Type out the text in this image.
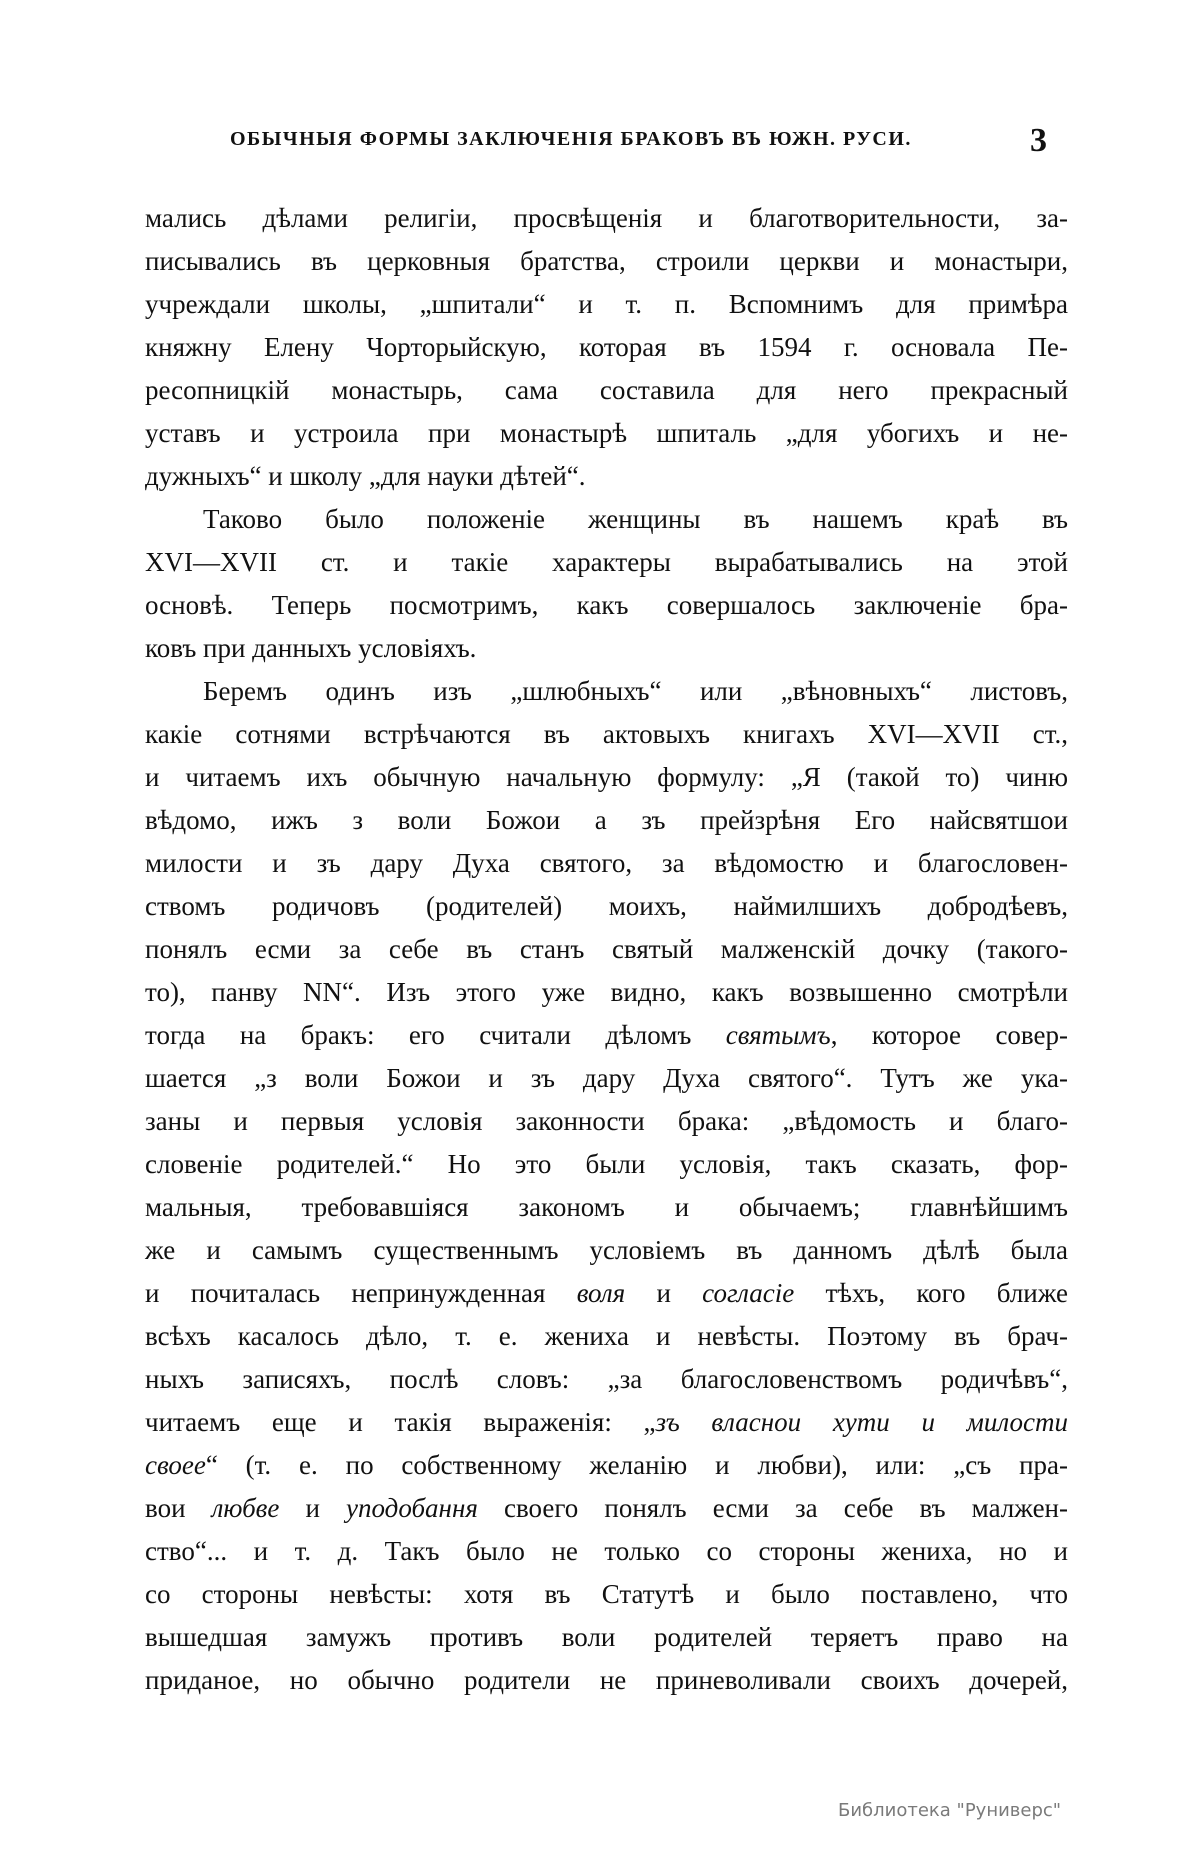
ОБЫЧНЫЯ ФОРМЫ ЗАКЛЮЧЕНІЯ БРАКОВЪ ВЪ ЮЖН. РУСИ.	3
мались дѣлами религіи, просвѣщенія и благотворительности, за-
писывались въ церковныя братства, строили церкви и монастыри,
учреждали школы, „шпитали“ и т. п. Вспомнимъ для примѣра
княжну Елену Чорторыйскую, которая въ 1594 г. основала Пе-
ресопницкій монастырь, сама составила для него прекрасный
уставъ и устроила при монастырѣ шпиталь „для убогихъ и не-
дужныхъ“ и школу „для науки дѣтей“.
Таково было положеніе женщины въ нашемъ краѣ въ
XVI—XVII ст. и такіе характеры вырабатывались на этой
основѣ. Теперь посмотримъ, какъ совершалось заключеніе бра-
ковъ при данныхъ условіяхъ.
Беремъ одинъ изъ „шлюбныхъ“ или „вѣновныхъ“ листовъ,
какіе сотнями встрѣчаются въ актовыхъ книгахъ XVI—XVII ст.,
и читаемъ ихъ обычную начальную формулу: „Я (такой то) чиню
вѣдомо, ижъ з воли Божои а зъ прейзрѣня Его найсвятшои
милости и зъ дару Духа святого, за вѣдомостю и благословен-
ствомъ родичовъ (родителей) моихъ, наймилшихъ добродѣевъ,
понялъ есми за себе въ станъ святый малженскій дочку (такого-
то), панву NN“. Изъ этого уже видно, какъ возвышенно смотрѣли
тогда на бракъ: его считали дѣломъ святымъ, которое совер-
шается „з воли Божои и зъ дару Духа святого“. Тутъ же ука-
заны и первыя условія законности брака: „вѣдомость и благо-
словеніе родителей.“ Но это были условія, такъ сказать, фор-
мальныя, требовавшіяся закономъ и обычаемъ; главнѣйшимъ
же и самымъ существеннымъ условіемъ въ данномъ дѣлѣ была
и почиталась непринужденная воля и согласіе тѣхъ, кого ближе
всѣхъ касалось дѣло, т. е. жениха и невѣсты. Поэтому въ брач-
ныхъ записяхъ, послѣ словъ: „за благословенствомъ родичѣвъ“,
читаемъ еще и такія выраженія: „зъ власнои хути и милости
своее“ (т. е. по собственному желанію и любви), или: „съ пра-
вои любве и уподобання своего понялъ есми за себе въ малжен-
ство“... и т. д. Такъ было не только со стороны жениха, но и
со стороны невѣсты: хотя въ Статутѣ и было поставлено, что
вышедшая замужъ противъ воли родителей теряетъ право на
приданое, но обычно родители не приневоливали своихъ дочерей,
Библиотека "Руниверс"
